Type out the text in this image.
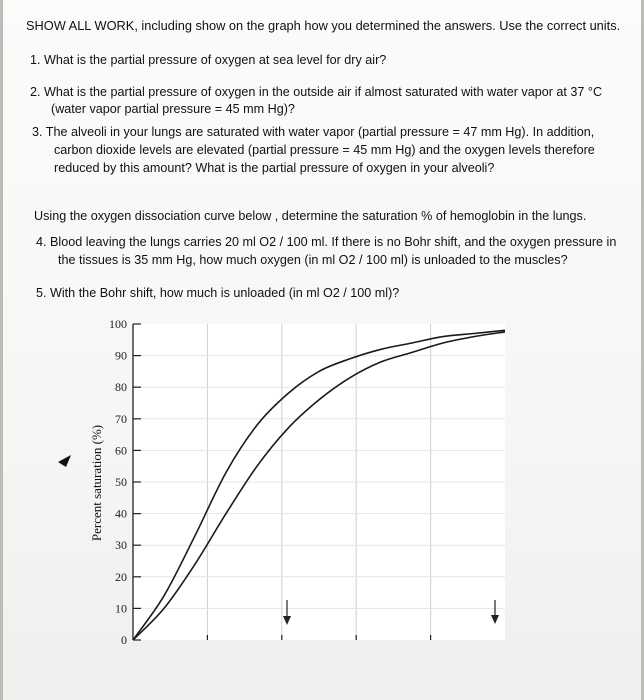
SHOW ALL WORK, including show on the graph how you determined the answers. Use the correct units.
1. What is the partial pressure of oxygen at sea level for dry air?
2. What is the partial pressure of oxygen in the outside air if almost saturated with water vapor at 37 °C
(water vapor partial pressure = 45 mm Hg)?
3. The alveoli in your lungs are saturated with water vapor (partial pressure = 47 mm Hg). In addition,
carbon dioxide levels are elevated (partial pressure = 45 mm Hg) and the oxygen levels therefore
reduced by this amount? What is the partial pressure of oxygen in your alveoli?
Using the oxygen dissociation curve below , determine the saturation % of hemoglobin in the lungs.
4. Blood leaving the lungs carries 20 ml O2 / 100 ml. If there is no Bohr shift, and the oxygen pressure in
the tissues is 35 mm Hg, how much oxygen (in ml O2 / 100 ml) is unloaded to the muscles?
5. With the Bohr shift, how much is unloaded (in ml O2 / 100 ml)?
100
90
80
70
60
50
40
30
20
10
0
Percent saturation (%)
